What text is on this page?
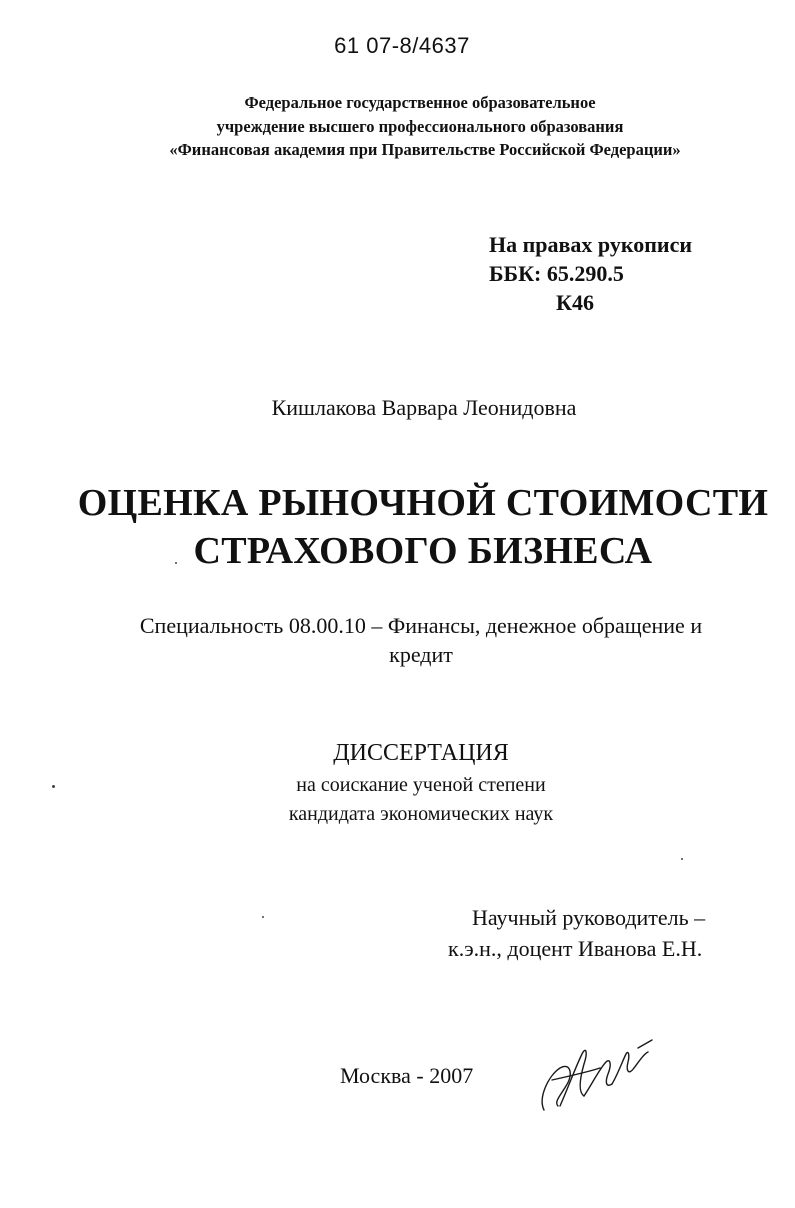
61 07-8/4637
Федеральное государственное образовательное
учреждение высшего профессионального образования
«Финансовая академия при Правительстве Российской Федерации»
На правах рукописи
ББК: 65.290.5
К46
Кишлакова Варвара Леонидовна
ОЦЕНКА РЫНОЧНОЙ СТОИМОСТИ
СТРАХОВОГО БИЗНЕСА
Специальность 08.00.10 – Финансы, денежное обращение и
кредит
ДИССЕРТАЦИЯ
на соискание ученой степени
кандидата экономических наук
Научный руководитель –
к.э.н., доцент Иванова Е.Н.
Москва - 2007
